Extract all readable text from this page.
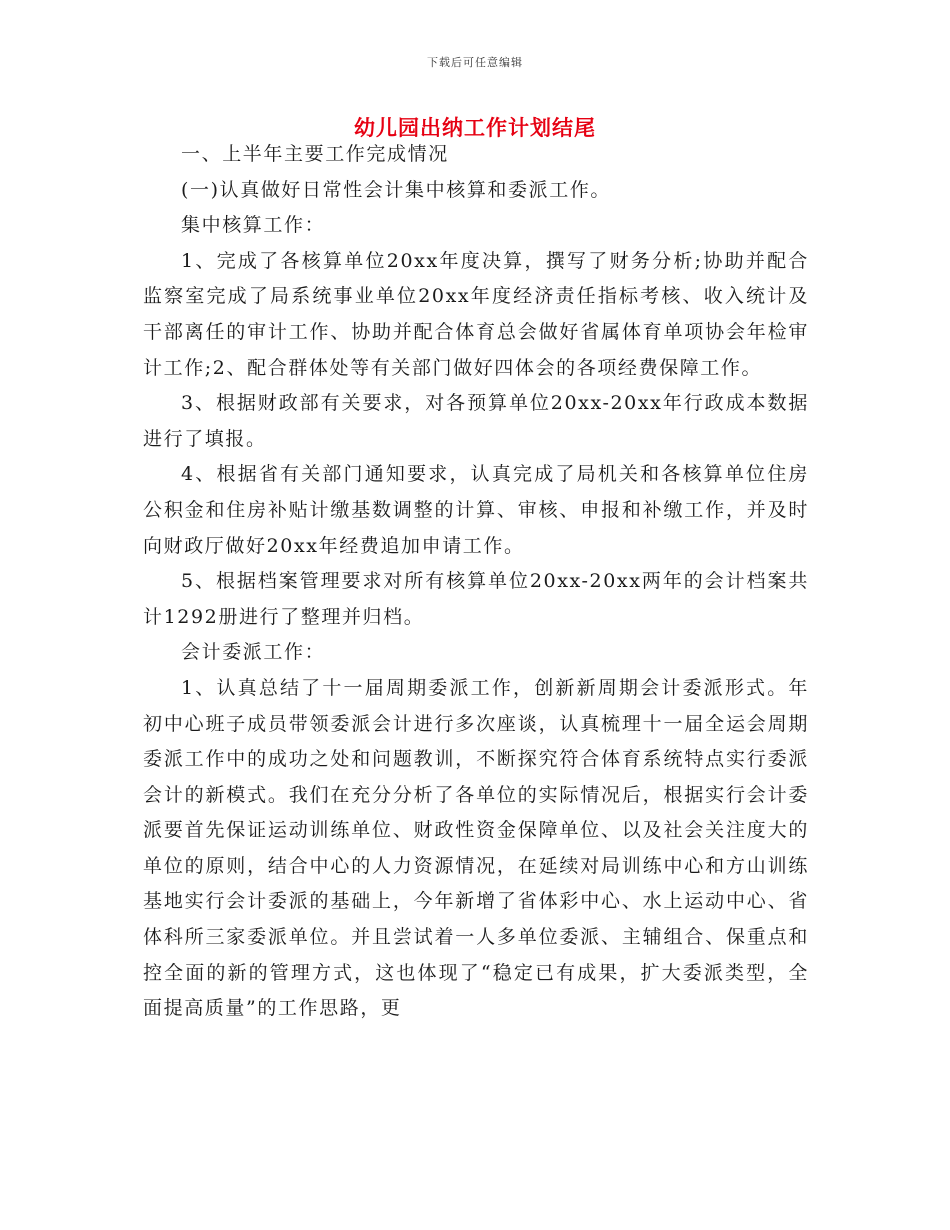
下载后可任意编辑
幼儿园出纳工作计划结尾

一、上半年主要工作完成情况

(一)认真做好日常性会计集中核算和委派工作。

集中核算工作：

1、完成了各核算单位20xx年度决算，撰写了财务分析;协助并配合监察室完成了局系统事业单位20xx年度经济责任指标考核、收入统计及干部离任的审计工作、协助并配合体育总会做好省属体育单项协会年检审计工作;2、配合群体处等有关部门做好四体会的各项经费保障工作。

3、根据财政部有关要求，对各预算单位20xx-20xx年行政成本数据进行了填报。

4、根据省有关部门通知要求，认真完成了局机关和各核算单位住房公积金和住房补贴计缴基数调整的计算、审核、申报和补缴工作，并及时向财政厅做好20xx年经费追加申请工作。

5、根据档案管理要求对所有核算单位20xx-20xx两年的会计档案共计1292册进行了整理并归档。

会计委派工作：

1、认真总结了十一届周期委派工作，创新新周期会计委派形式。年初中心班子成员带领委派会计进行多次座谈，认真梳理十一届全运会周期委派工作中的成功之处和问题教训，不断探究符合体育系统特点实行委派会计的新模式。我们在充分分析了各单位的实际情况后，根据实行会计委派要首先保证运动训练单位、财政性资金保障单位、以及社会关注度大的单位的原则，结合中心的人力资源情况，在延续对局训练中心和方山训练基地实行会计委派的基础上，今年新增了省体彩中心、水上运动中心、省体科所三家委派单位。并且尝试着一人多单位委派、主辅组合、保重点和控全面的新的管理方式，这也体现了“稳定已有成果，扩大委派类型，全面提高质量”的工作思路，更
